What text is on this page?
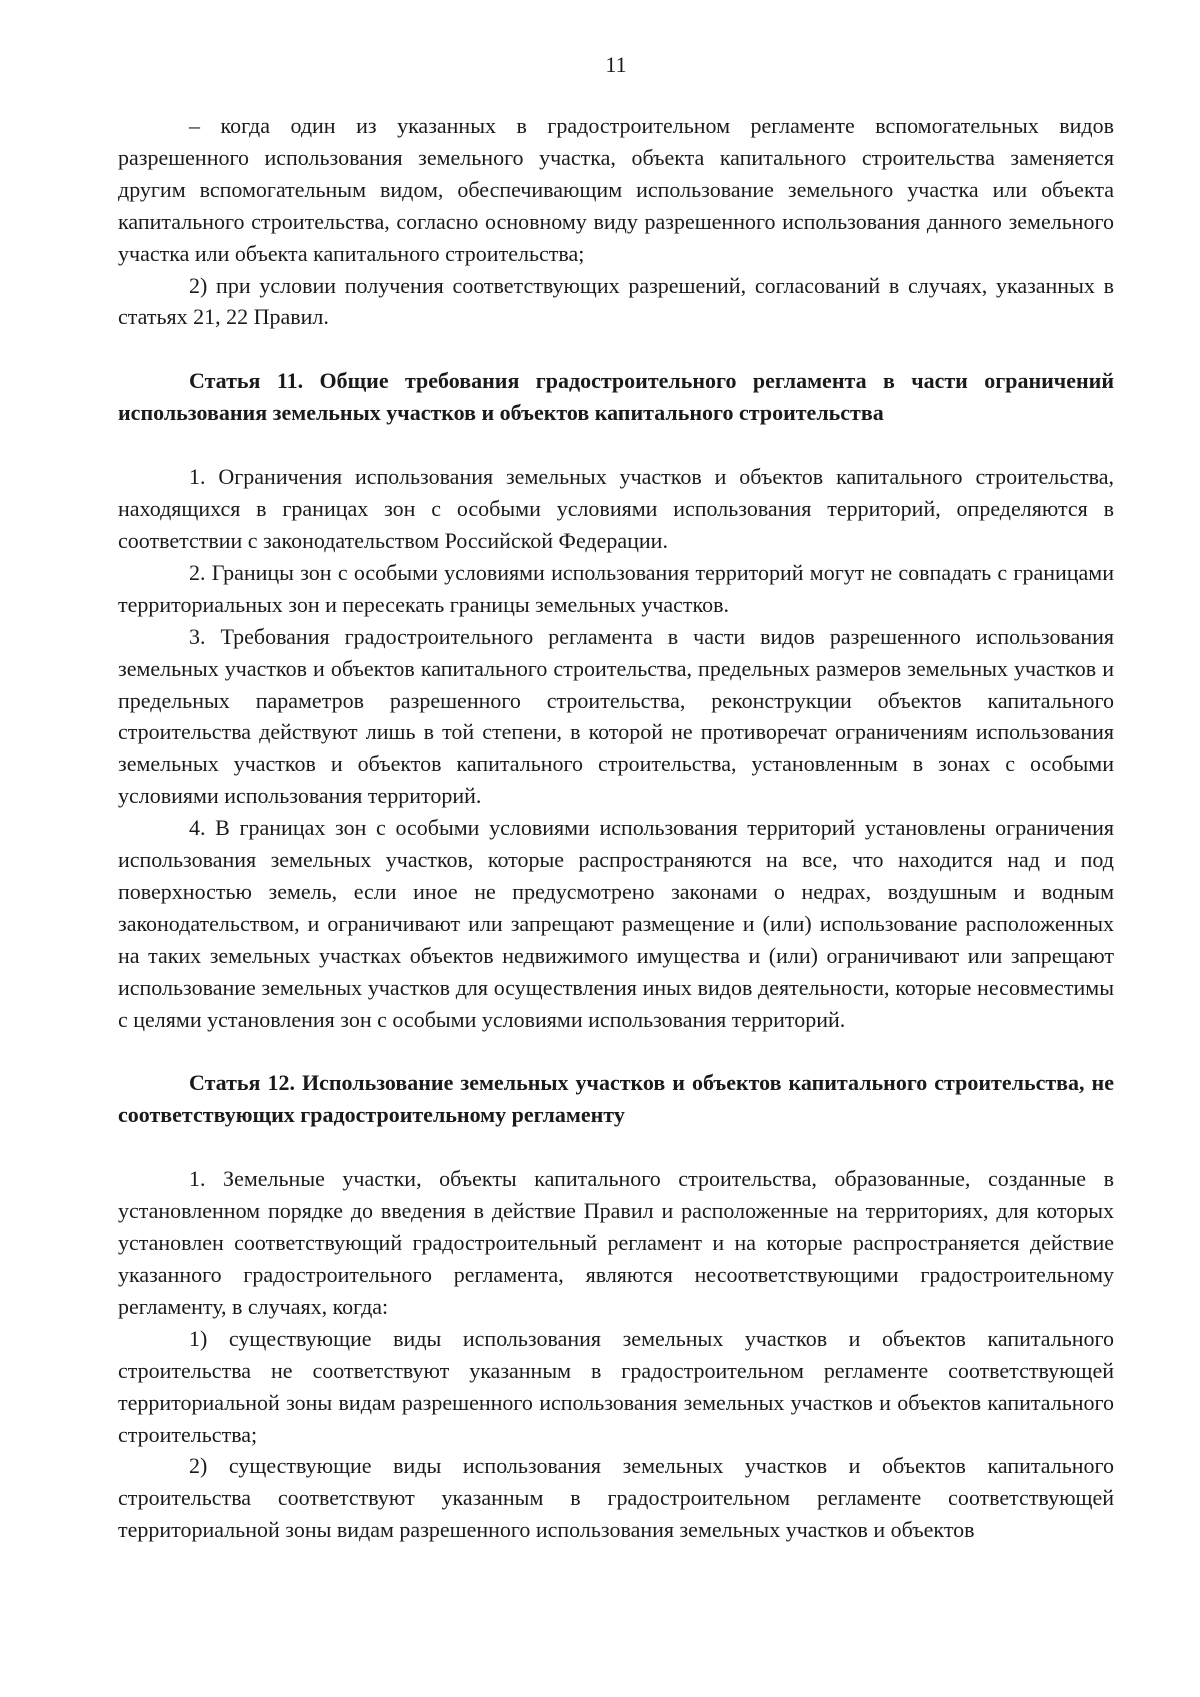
11

– когда один из указанных в градостроительном регламенте вспомогательных видов разрешенного использования земельного участка, объекта капитального строительства заменяется другим вспомогательным видом, обеспечивающим использование земельного участка или объекта капитального строительства, согласно основному виду разрешенного использования данного земельного участка или объекта капитального строительства;

2) при условии получения соответствующих разрешений, согласований в случаях, указанных в статьях 21, 22 Правил.

Статья 11. Общие требования градостроительного регламента в части ограничений использования земельных участков и объектов капитального строительства

1. Ограничения использования земельных участков и объектов капитального строительства, находящихся в границах зон с особыми условиями использования территорий, определяются в соответствии с законодательством Российской Федерации.

2. Границы зон с особыми условиями использования территорий могут не совпадать с границами территориальных зон и пересекать границы земельных участков.

3. Требования градостроительного регламента в части видов разрешенного использования земельных участков и объектов капитального строительства, предельных размеров земельных участков и предельных параметров разрешенного строительства, реконструкции объектов капитального строительства действуют лишь в той степени, в которой не противоречат ограничениям использования земельных участков и объектов капитального строительства, установленным в зонах с особыми условиями использования территорий.

4. В границах зон с особыми условиями использования территорий установлены ограничения использования земельных участков, которые распространяются на все, что находится над и под поверхностью земель, если иное не предусмотрено законами о недрах, воздушным и водным законодательством, и ограничивают или запрещают размещение и (или) использование расположенных на таких земельных участках объектов недвижимого имущества и (или) ограничивают или запрещают использование земельных участков для осуществления иных видов деятельности, которые несовместимы с целями установления зон с особыми условиями использования территорий.

Статья 12. Использование земельных участков и объектов капитального строительства, не соответствующих градостроительному регламенту

1. Земельные участки, объекты капитального строительства, образованные, созданные в установленном порядке до введения в действие Правил и расположенные на территориях, для которых установлен соответствующий градостроительный регламент и на которые распространяется действие указанного градостроительного регламента, являются несоответствующими градостроительному регламенту, в случаях, когда:

1) существующие виды использования земельных участков и объектов капитального строительства не соответствуют указанным в градостроительном регламенте соответствующей территориальной зоны видам разрешенного использования земельных участков и объектов капитального строительства;

2) существующие виды использования земельных участков и объектов капитального строительства соответствуют указанным в градостроительном регламенте соответствующей территориальной зоны видам разрешенного использования земельных участков и объектов
